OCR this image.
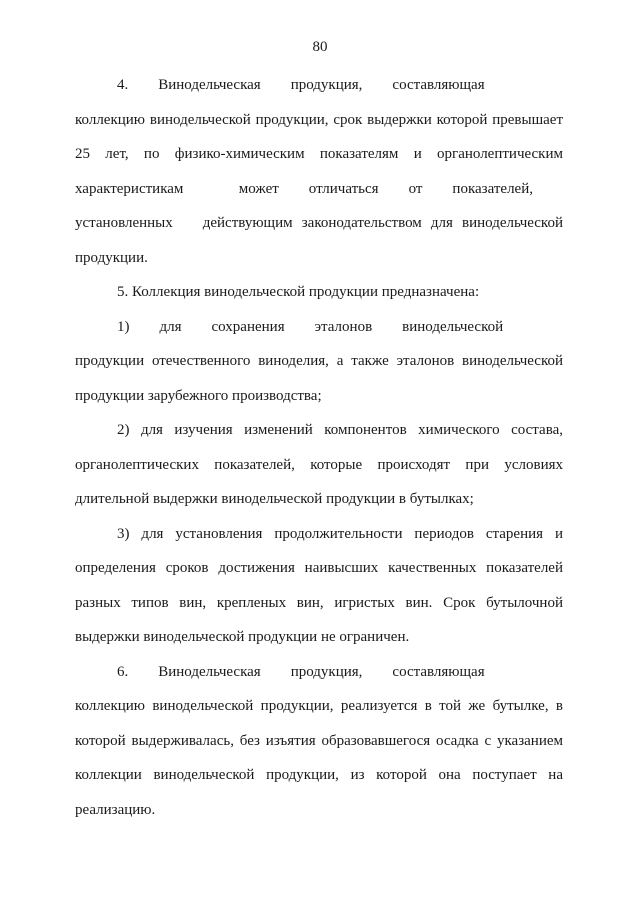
80

4.  Винодельческая  продукция,  составляющая  коллекцию винодельческой продукции, срок выдержки которой превышает 25 лет, по физико-химическим показателям и органолептическим характеристикам может  отличаться  от  показателей,  установленных  действующим законодательством для винодельческой продукции.

5. Коллекция винодельческой продукции предназначена:

1)  для  сохранения  эталонов  винодельческой  продукции отечественного виноделия, а также эталонов винодельческой продукции зарубежного производства;

2) для изучения изменений компонентов химического состава, органолептических показателей, которые происходят при условиях длительной выдержки винодельческой продукции в бутылках;

3) для установления продолжительности периодов старения и определения сроков достижения наивысших качественных показателей разных типов вин, крепленых вин, игристых вин. Срок бутылочной выдержки винодельческой продукции не ограничен.

6.  Винодельческая  продукция,  составляющая  коллекцию винодельческой продукции, реализуется в той же бутылке, в которой выдерживалась, без изъятия образовавшегося осадка с указанием коллекции винодельческой продукции, из которой она поступает на реализацию.
